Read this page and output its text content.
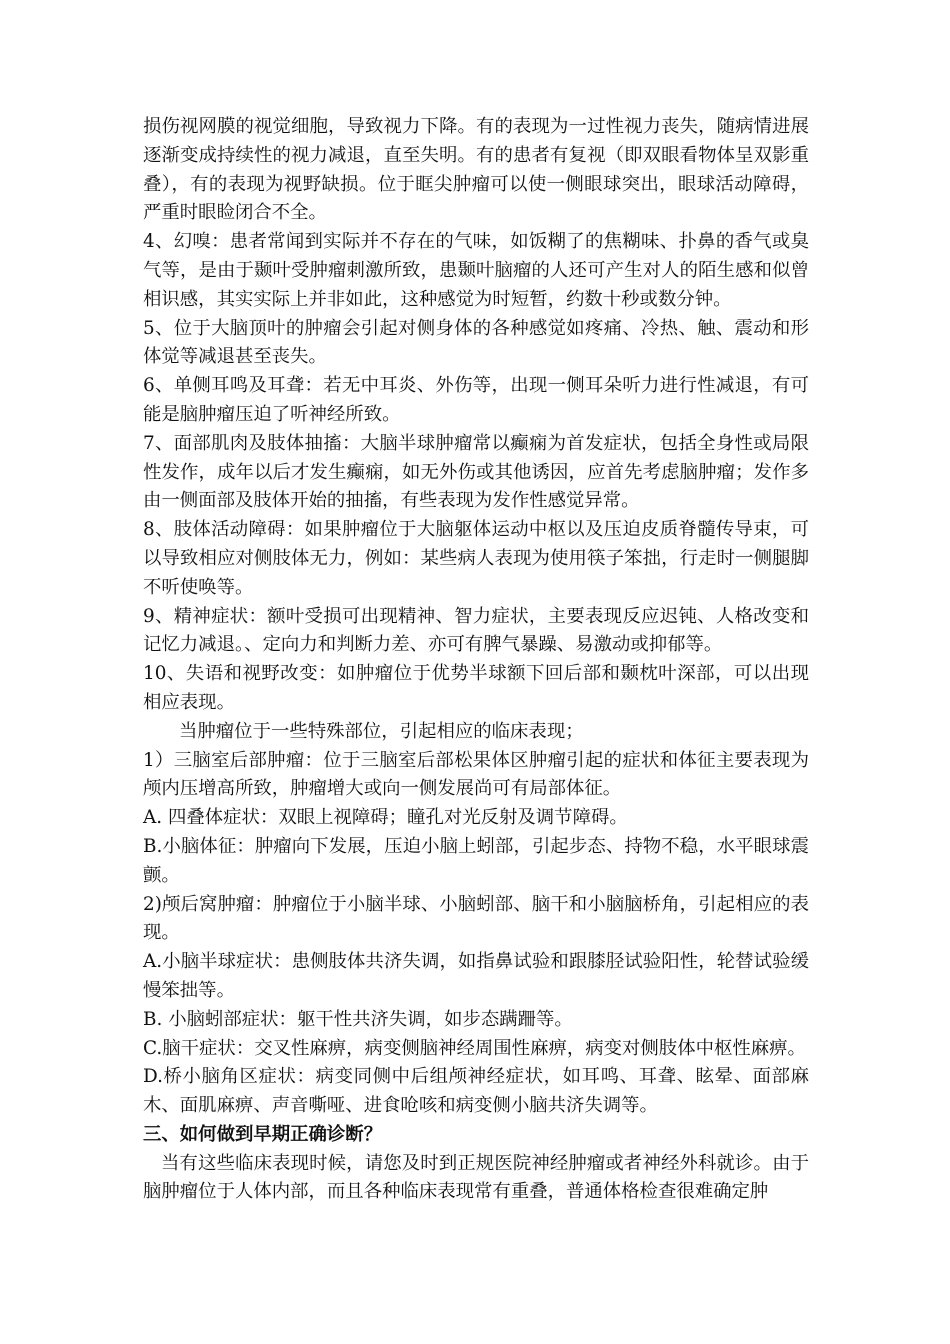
损伤视网膜的视觉细胞，导致视力下降。有的表现为一过性视力丧失，随病情进展逐渐变成持续性的视力减退，直至失明。有的患者有复视（即双眼看物体呈双影重叠），有的表现为视野缺损。位于眶尖肿瘤可以使一侧眼球突出，眼球活动障碍，严重时眼睑闭合不全。

4、幻嗅：患者常闻到实际并不存在的气味，如饭糊了的焦糊味、扑鼻的香气或臭气等，是由于颞叶受肿瘤刺激所致，患颞叶脑瘤的人还可产生对人的陌生感和似曾相识感，其实实际上并非如此，这种感觉为时短暂，约数十秒或数分钟。

5、位于大脑顶叶的肿瘤会引起对侧身体的各种感觉如疼痛、冷热、触、震动和形体觉等减退甚至丧失。

6、单侧耳鸣及耳聋：若无中耳炎、外伤等，出现一侧耳朵听力进行性减退，有可能是脑肿瘤压迫了听神经所致。

7、面部肌肉及肢体抽搐：大脑半球肿瘤常以癫痫为首发症状，包括全身性或局限性发作，成年以后才发生癫痫，如无外伤或其他诱因，应首先考虑脑肿瘤；发作多由一侧面部及肢体开始的抽搐，有些表现为发作性感觉异常。

8、肢体活动障碍：如果肿瘤位于大脑躯体运动中枢以及压迫皮质脊髓传导束，可以导致相应对侧肢体无力，例如：某些病人表现为使用筷子笨拙，行走时一侧腿脚不听使唤等。

9、精神症状：额叶受损可出现精神、智力症状，主要表现反应迟钝、人格改变和记忆力减退。、定向力和判断力差、亦可有脾气暴躁、易激动或抑郁等。

10、失语和视野改变：如肿瘤位于优势半球额下回后部和颞枕叶深部，可以出现相应表现。

当肿瘤位于一些特殊部位，引起相应的临床表现；

1）三脑室后部肿瘤：位于三脑室后部松果体区肿瘤引起的症状和体征主要表现为颅内压增高所致，肿瘤增大或向一侧发展尚可有局部体征。

A. 四叠体症状：双眼上视障碍；瞳孔对光反射及调节障碍。

B.小脑体征：肿瘤向下发展，压迫小脑上蚓部，引起步态、持物不稳，水平眼球震颤。

2)颅后窝肿瘤：肿瘤位于小脑半球、小脑蚓部、脑干和小脑脑桥角，引起相应的表现。

A.小脑半球症状：患侧肢体共济失调，如指鼻试验和跟膝胫试验阳性，轮替试验缓慢笨拙等。

B. 小脑蚓部症状：躯干性共济失调，如步态蹒跚等。

C.脑干症状：交叉性麻痹，病变侧脑神经周围性麻痹，病变对侧肢体中枢性麻痹。

D.桥小脑角区症状：病变同侧中后组颅神经症状，如耳鸣、耳聋、眩晕、面部麻木、面肌麻痹、声音嘶哑、进食呛咳和病变侧小脑共济失调等。

三、如何做到早期正确诊断？

当有这些临床表现时候，请您及时到正规医院神经肿瘤或者神经外科就诊。由于脑肿瘤位于人体内部，而且各种临床表现常有重叠，普通体格检查很难确定肿
